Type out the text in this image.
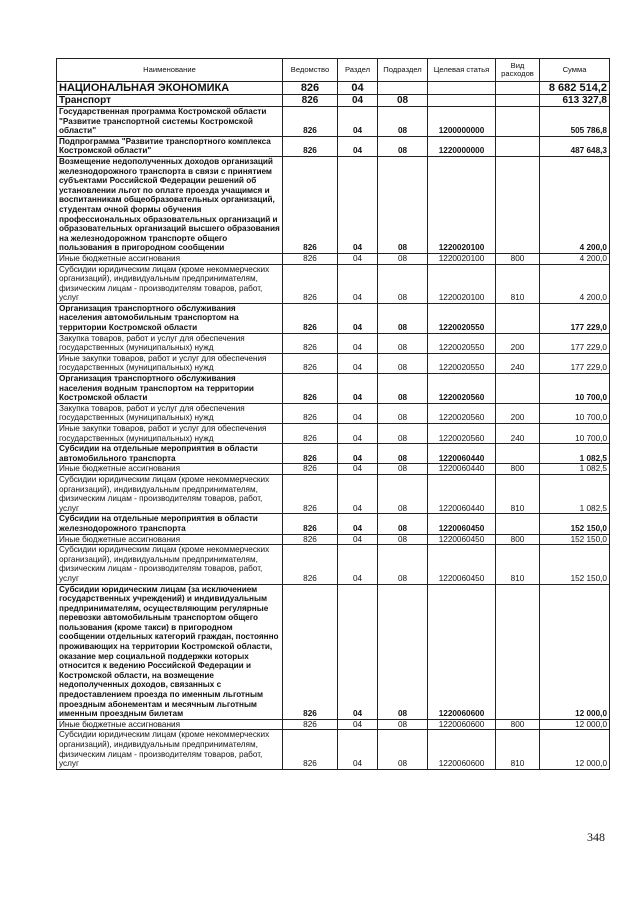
Наименование	Ведомство	Раздел	Подраздел	Целевая статья	Вид расходов	Сумма
НАЦИОНАЛЬНАЯ ЭКОНОМИКА	826	04				8 682 514,2
Транспорт	826	04	08			613 327,8
Государственная программа Костромской области "Развитие транспортной системы Костромской области"	826	04	08	1200000000		505 786,8
Подпрограмма "Развитие транспортного комплекса Костромской области"	826	04	08	1220000000		487 648,3
Возмещение недополученных доходов организаций железнодорожного транспорта в связи с принятием субъектами Российской Федерации решений об установлении льгот по оплате проезда учащимся и воспитанникам общеобразовательных организаций, студентам очной формы обучения профессиональных образовательных организаций и образовательных организаций высшего образования на железнодорожном транспорте общего пользования в пригородном сообщении	826	04	08	1220020100		4 200,0
Иные бюджетные ассигнования	826	04	08	1220020100	800	4 200,0
Субсидии юридическим лицам (кроме некоммерческих организаций), индивидуальным предпринимателям, физическим лицам - производителям товаров, работ, услуг	826	04	08	1220020100	810	4 200,0
Организация транспортного обслуживания населения автомобильным транспортом на территории Костромской области	826	04	08	1220020550		177 229,0
Закупка товаров, работ и услуг для обеспечения государственных (муниципальных) нужд	826	04	08	1220020550	200	177 229,0
Иные закупки товаров, работ и услуг для обеспечения государственных (муниципальных) нужд	826	04	08	1220020550	240	177 229,0
Организация транспортного обслуживания населения водным транспортом на территории Костромской области	826	04	08	1220020560		10 700,0
Закупка товаров, работ и услуг для обеспечения государственных (муниципальных) нужд	826	04	08	1220020560	200	10 700,0
Иные закупки товаров, работ и услуг для обеспечения государственных (муниципальных) нужд	826	04	08	1220020560	240	10 700,0
Субсидии на отдельные мероприятия в области автомобильного транспорта	826	04	08	1220060440		1 082,5
Иные бюджетные ассигнования	826	04	08	1220060440	800	1 082,5
Субсидии юридическим лицам (кроме некоммерческих организаций), индивидуальным предпринимателям, физическим лицам - производителям товаров, работ, услуг	826	04	08	1220060440	810	1 082,5
Субсидии на отдельные мероприятия в области железнодорожного транспорта	826	04	08	1220060450		152 150,0
Иные бюджетные ассигнования	826	04	08	1220060450	800	152 150,0
Субсидии юридическим лицам (кроме некоммерческих организаций), индивидуальным предпринимателям, физическим лицам - производителям товаров, работ, услуг	826	04	08	1220060450	810	152 150,0
Субсидии юридическим лицам (за исключением государственных учреждений) и индивидуальным предпринимателям, осуществляющим регулярные перевозки автомобильным транспортом общего пользования (кроме такси) в пригородном сообщении отдельных категорий граждан, постоянно проживающих на территории Костромской области, оказание мер социальной поддержки которых относится к ведению Российской Федерации и Костромской области, на возмещение недополученных доходов, связанных с предоставлением проезда по именным льготным проездным абонементам и месячным льготным именным проездным билетам	826	04	08	1220060600		12 000,0
Иные бюджетные ассигнования	826	04	08	1220060600	800	12 000,0
Субсидии юридическим лицам (кроме некоммерческих организаций), индивидуальным предпринимателям, физическим лицам - производителям товаров, работ, услуг	826	04	08	1220060600	810	12 000,0
348
